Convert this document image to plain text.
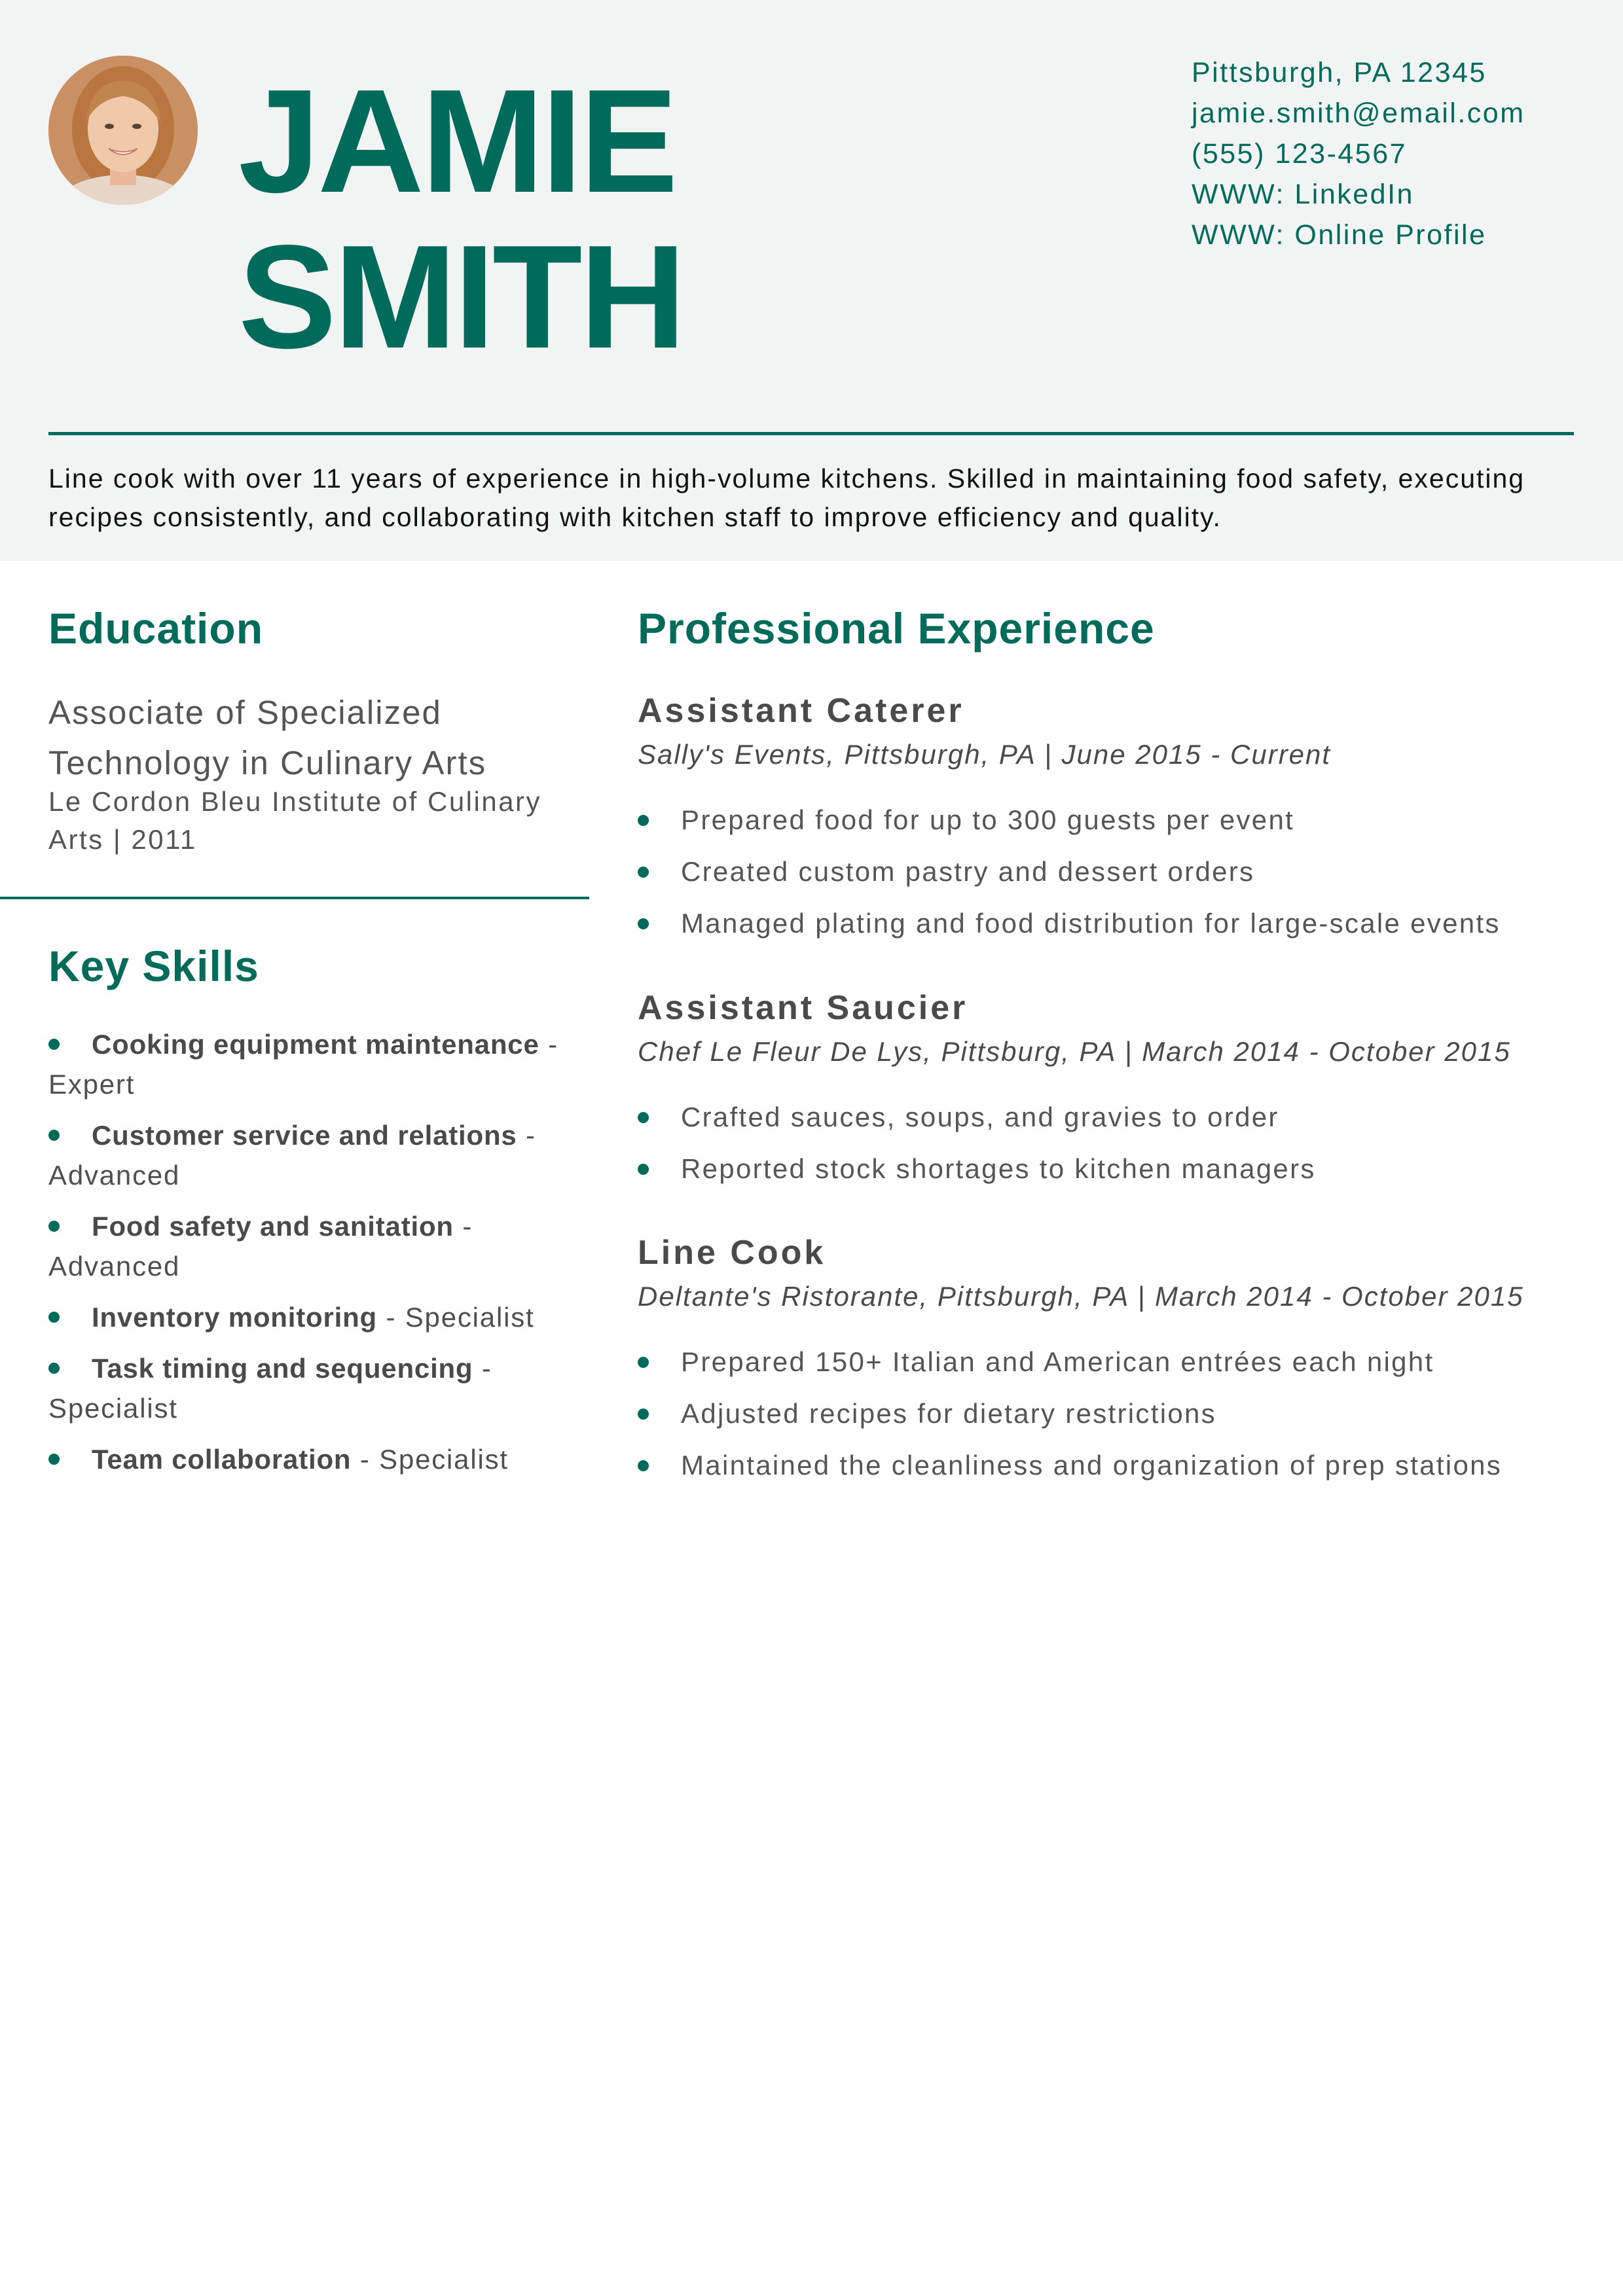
JAMIE
SMITH
Pittsburgh, PA 12345
jamie.smith@email.com
(555) 123-4567
WWW: LinkedIn
WWW: Online Profile

Line cook with over 11 years of experience in high-volume kitchens. Skilled in maintaining food safety, executing recipes consistently, and collaborating with kitchen staff to improve efficiency and quality.

Education

Associate of Specialized Technology in Culinary Arts

Le Cordon Bleu Institute of Culinary Arts | 2011

Key Skills
Cooking equipment maintenance - Expert
Customer service and relations - Advanced
Food safety and sanitation - Advanced
Inventory monitoring - Specialist
Task timing and sequencing - Specialist
Team collaboration - Specialist
Professional Experience
Assistant Caterer

Sally's Events, Pittsburgh, PA | June 2015 - Current

Prepared food for up to 300 guests per event
Created custom pastry and dessert orders
Managed plating and food distribution for large-scale events
Assistant Saucier

Chef Le Fleur De Lys, Pittsburg, PA | March 2014 - October 2015

Crafted sauces, soups, and gravies to order
Reported stock shortages to kitchen managers
Line Cook

Deltante's Ristorante, Pittsburgh, PA | March 2014 - October 2015

Prepared 150+ Italian and American entrées each night
Adjusted recipes for dietary restrictions
Maintained the cleanliness and organization of prep stations
